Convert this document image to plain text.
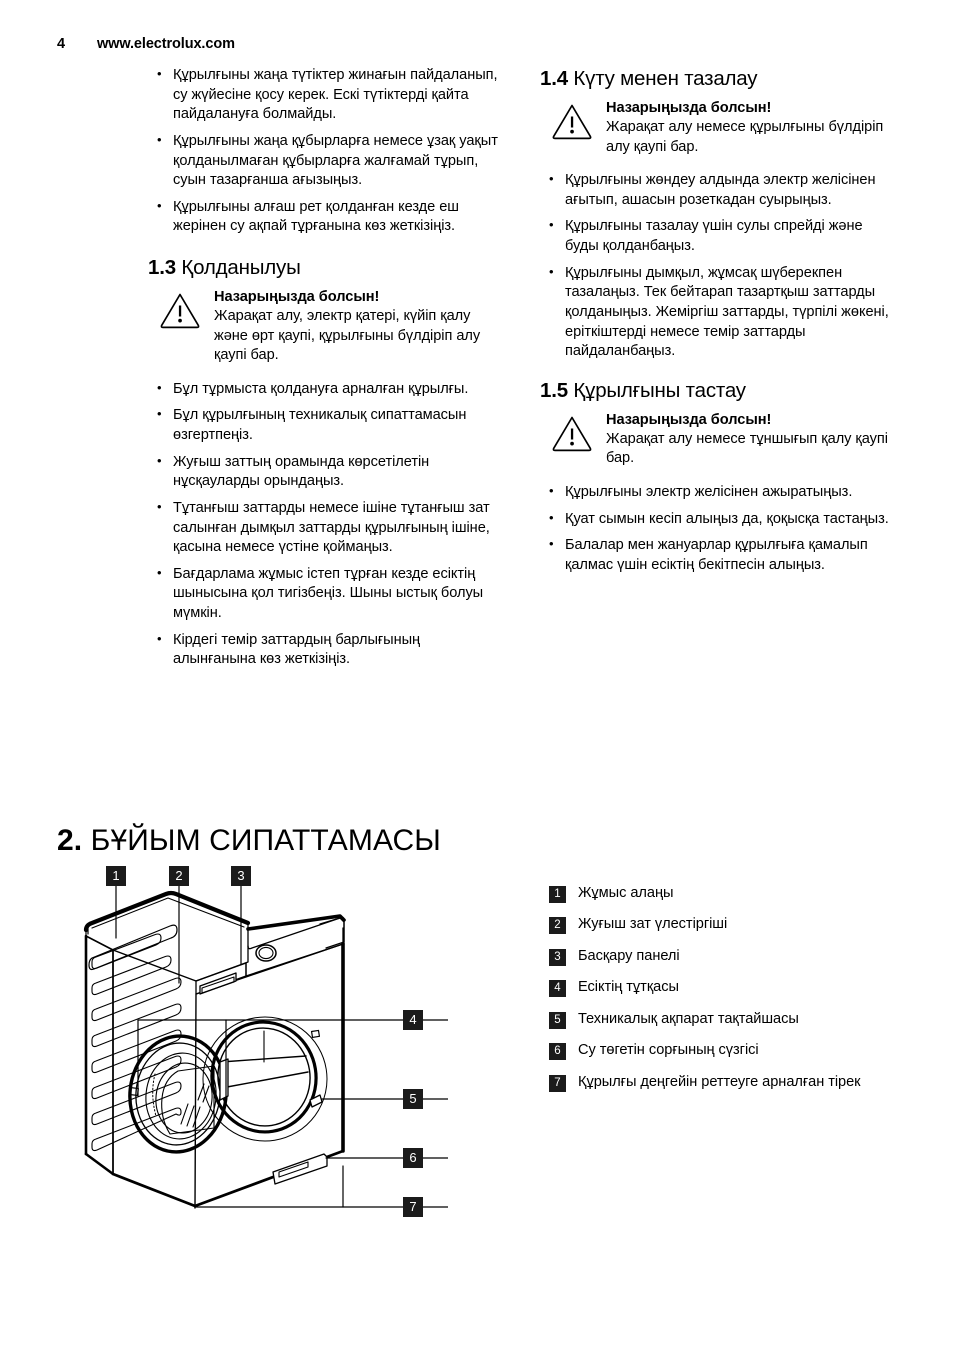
4	www.electrolux.com
• Құрылғыны жаңа түтіктер жинағын пайдаланып, су жүйесіне қосу керек. Ескі түтіктерді қайта пайдалануға болмайды.
• Құрылғыны жаңа құбырларға немесе ұзақ уақыт қолданылмаған құбырларға жалғамай тұрып, суын тазарғанша ағызыңыз.
• Құрылғыны алғаш рет қолданған кезде еш жерінен су ақпай тұрғанына көз жеткізіңіз.
1.3 Қолданылуы
Назарыңызда болсын!
Жарақат алу, электр қатері, күйіп қалу және өрт қаупі, құрылғыны бүлдіріп алу қаупі бар.
• Бұл тұрмыста қолдануға арналған құрылғы.
• Бұл құрылғының техникалық сипаттамасын өзгертпеңіз.
• Жуғыш заттың орамында көрсетілетін нұсқауларды орындаңыз.
• Тұтанғыш заттарды немесе ішіне тұтанғыш зат салынған дымқыл заттарды құрылғының ішіне, қасына немесе үстіне қоймаңыз.
• Бағдарлама жұмыс істеп тұрған кезде есіктің шынысына қол тигізбеңіз. Шыны ыстық болуы мүмкін.
• Кірдегі темір заттардың барлығының алынғанына көз жеткізіңіз.
1.4 Күту менен тазалау
Назарыңызда болсын!
Жарақат алу немесе құрылғыны бүлдіріп алу қаупі бар.
• Құрылғыны жөндеу алдында электр желісінен ағытып, ашасын розеткадан суырыңыз.
• Құрылғыны тазалау үшін сулы спрейді және буды қолданбаңыз.
• Құрылғыны дымқыл, жұмсақ шүберекпен тазалаңыз. Тек бейтарап тазартқыш заттарды қолданыңыз. Жеміргіш заттарды, түрпілі жөкені, еріткіштерді немесе темір заттарды пайдаланбаңыз.
1.5 Құрылғыны тастау
Назарыңызда болсын!
Жарақат алу немесе тұншығып қалу қаупі бар.
• Құрылғыны электр желісінен ажыратыңыз.
• Қуат сымын кесіп алыңыз да, қоқысқа тастаңыз.
• Балалар мен жануарлар құрылғыға қамалып қалмас үшін есіктің бекітпесін алыңыз.
2. БҰЙЫМ СИПАТТАМАСЫ
1	2	3
4
5
6
7
1	Жұмыс алаңы
2	Жуғыш зат үлестіргіші
3	Басқару панелі
4	Есіктің тұтқасы
5	Техникалық ақпарат тақтайшасы
6	Су төгетін сорғының сүзгісі
7	Құрылғы деңгейін реттеуге арналған тірек
